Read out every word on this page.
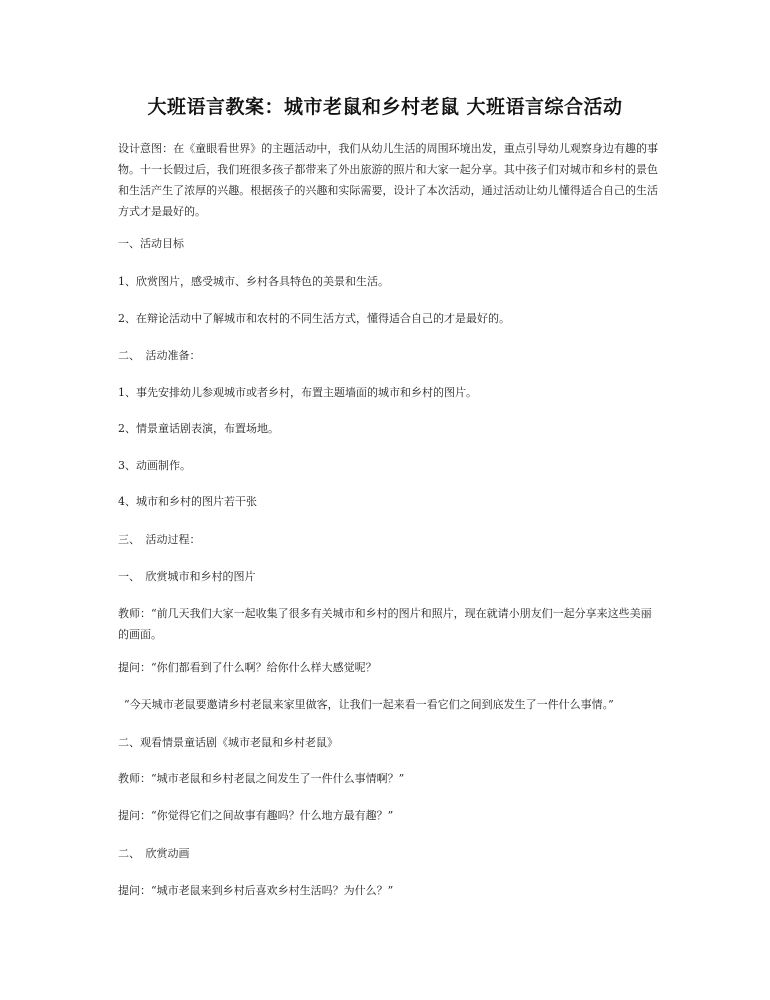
大班语言教案：城市老鼠和乡村老鼠 大班语言综合活动
设计意图：在《童眼看世界》的主题活动中，我们从幼儿生活的周围环境出发，重点引导幼儿观察身边有趣的事物。十一长假过后，我们班很多孩子都带来了外出旅游的照片和大家一起分享。其中孩子们对城市和乡村的景色和生活产生了浓厚的兴趣。根据孩子的兴趣和实际需要，设计了本次活动，通过活动让幼儿懂得适合自己的生活方式才是最好的。
一、活动目标
1、欣赏图片，感受城市、乡村各具特色的美景和生活。
2、在辩论活动中了解城市和农村的不同生活方式，懂得适合自己的才是最好的。
二、　活动准备：
1、事先安排幼儿参观城市或者乡村，布置主题墙面的城市和乡村的图片。
2、情景童话剧表演，布置场地。
3、动画制作。
4、城市和乡村的图片若干张
三、　活动过程：
一、　欣赏城市和乡村的图片
教师：“前几天我们大家一起收集了很多有关城市和乡村的图片和照片，现在就请小朋友们一起分享来这些美丽的画面。
提问：“你们都看到了什么啊？给你什么样大感觉呢？
“今天城市老鼠要邀请乡村老鼠来家里做客，让我们一起来看一看它们之间到底发生了一件什么事情。”
二、观看情景童话剧《城市老鼠和乡村老鼠》
教师：“城市老鼠和乡村老鼠之间发生了一件什么事情啊？”
提问：“你觉得它们之间故事有趣吗？什么地方最有趣？”
二、　欣赏动画
提问：“城市老鼠来到乡村后喜欢乡村生活吗？为什么？”
